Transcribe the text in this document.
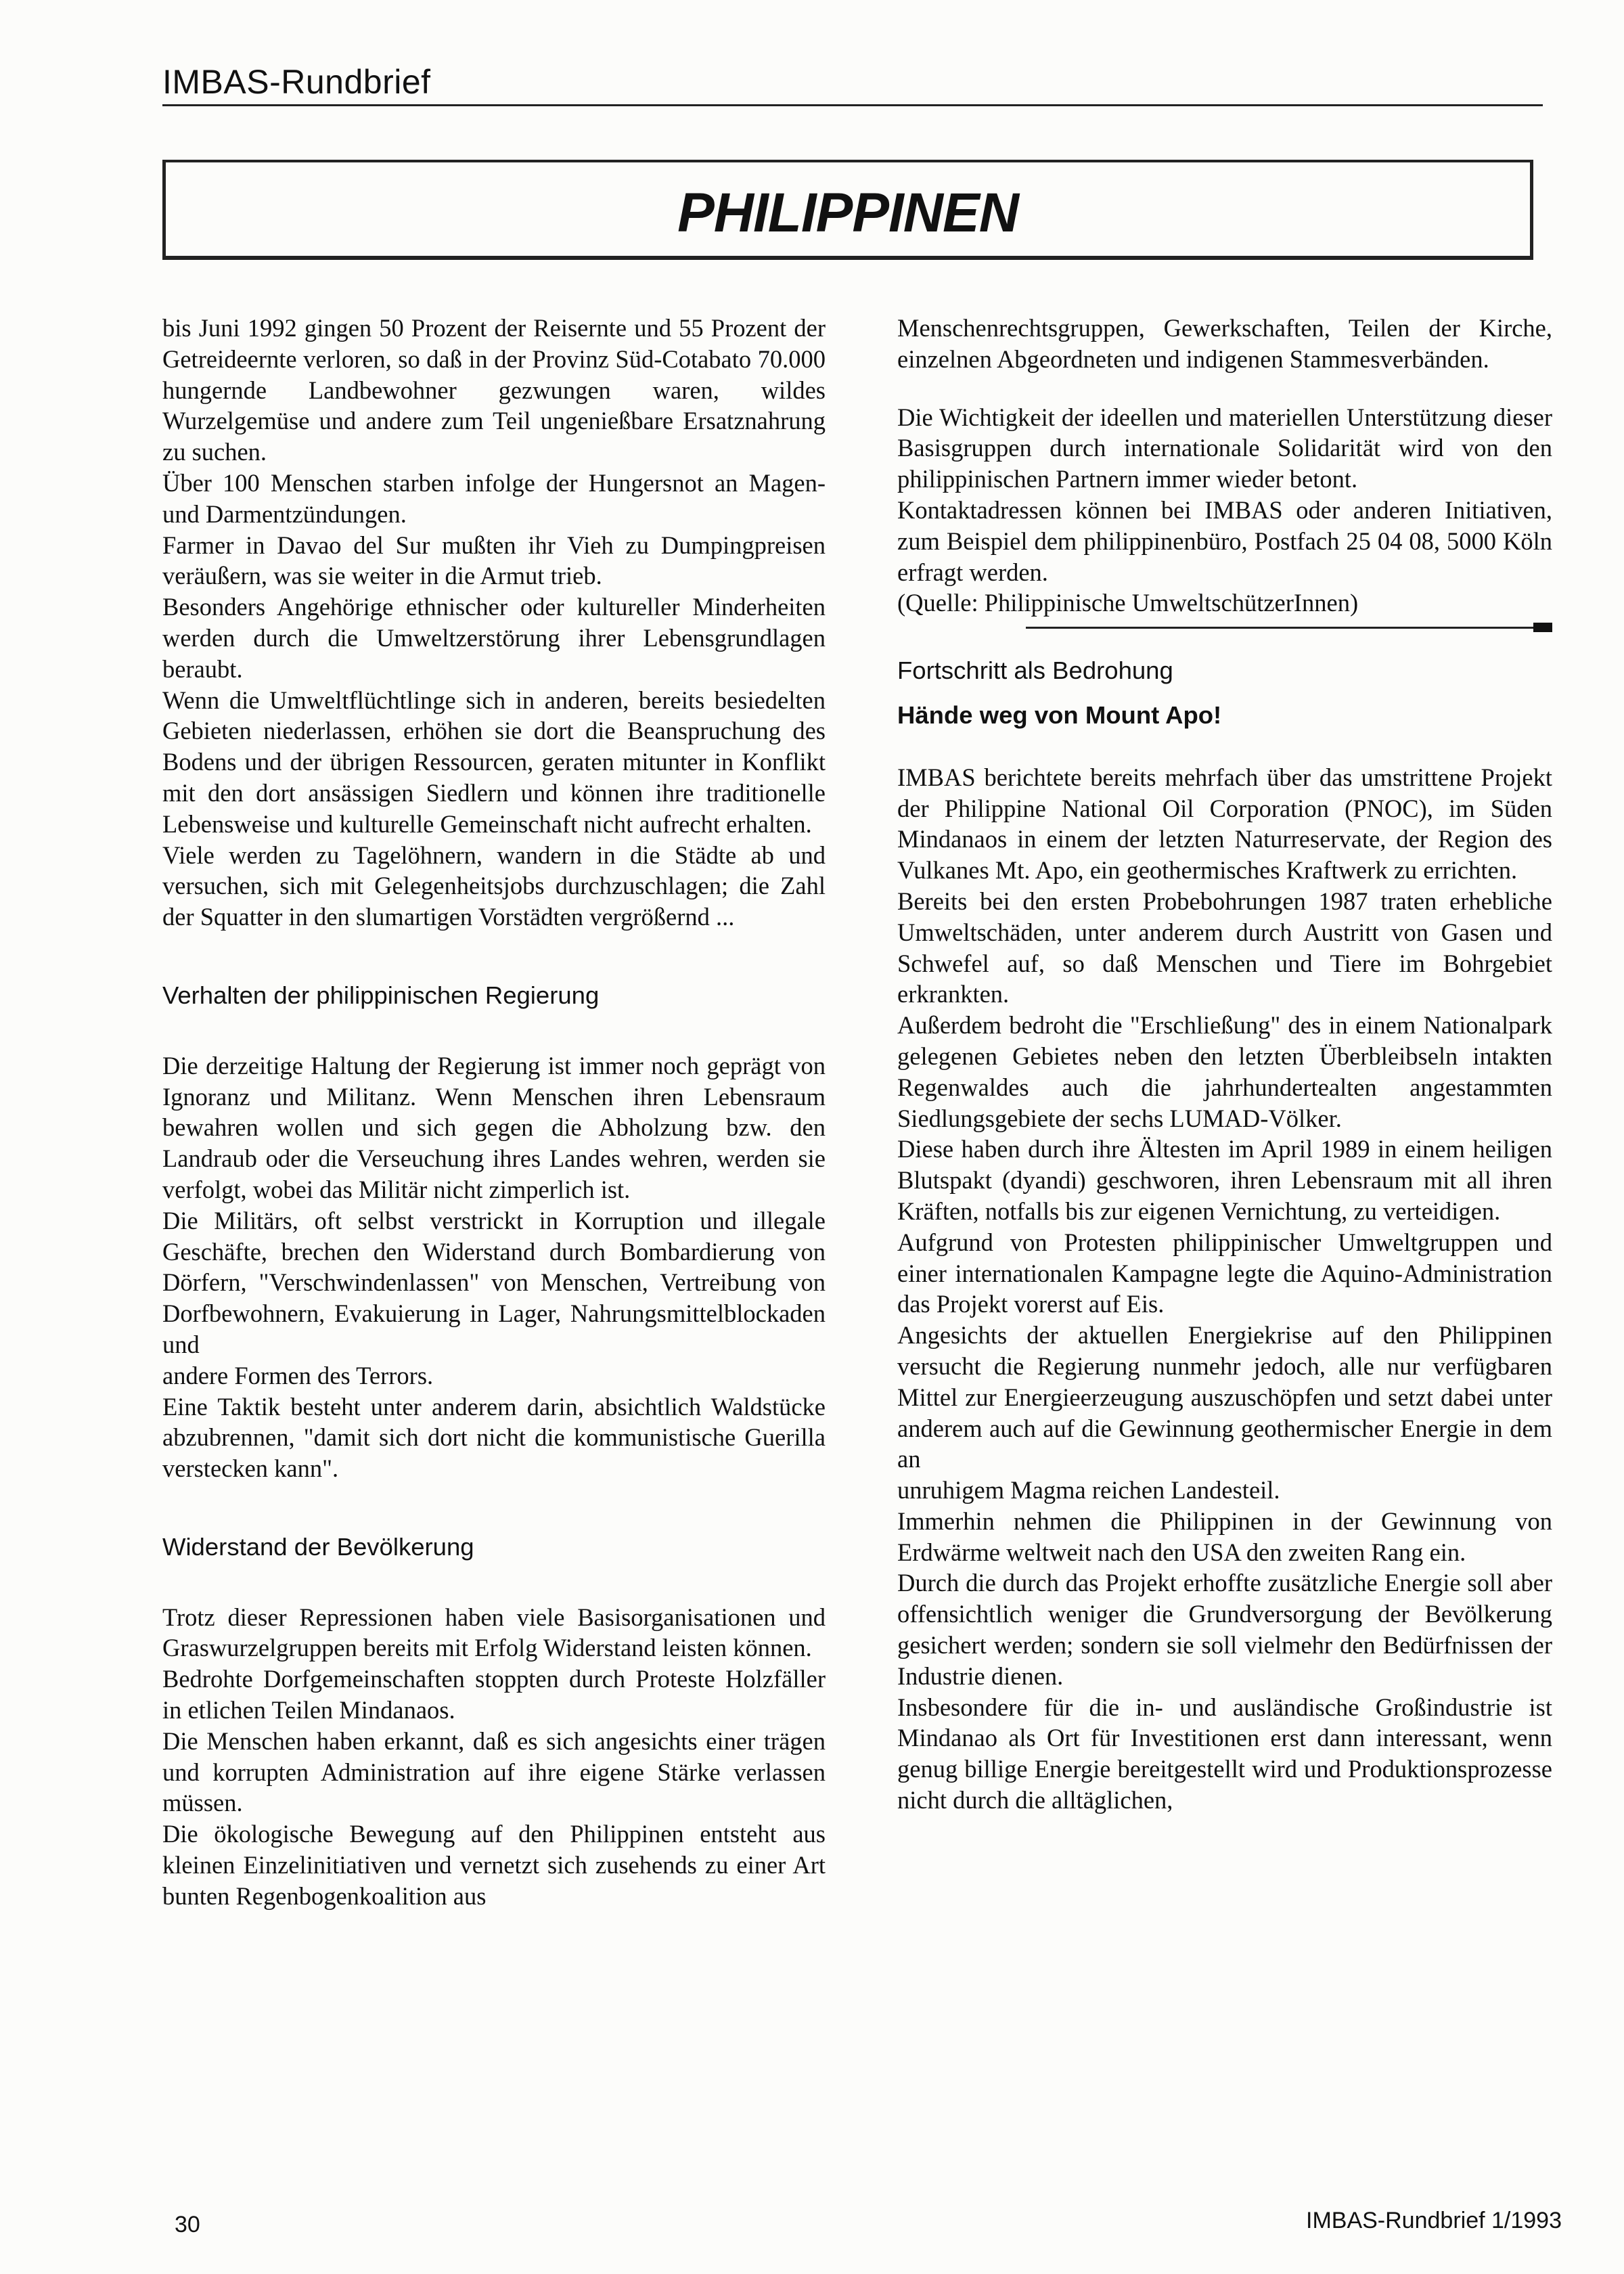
IMBAS-Rundbrief
PHILIPPINEN

bis Juni 1992 gingen 50 Prozent der Reisernte und 55 Prozent der Getreideernte verloren, so daß in der Provinz Süd-Cotabato 70.000 hungernde Landbewohner gezwungen waren, wildes Wurzelgemüse und andere zum Teil ungenießbare Ersatznahrung zu suchen.

Über 100 Menschen starben infolge der Hungersnot an Magen- und Darmentzündungen.

Farmer in Davao del Sur mußten ihr Vieh zu Dumpingpreisen veräußern, was sie weiter in die Armut trieb.

Besonders Angehörige ethnischer oder kultureller Minderheiten werden durch die Umweltzerstörung ihrer Lebensgrundlagen beraubt.

Wenn die Umweltflüchtlinge sich in anderen, bereits besiedelten Gebieten niederlassen, erhöhen sie dort die Beanspruchung des Bodens und der übrigen Ressourcen, geraten mitunter in Konflikt mit den dort ansässigen Siedlern und können ihre traditionelle Lebensweise und kulturelle Gemeinschaft nicht aufrecht erhalten.

Viele werden zu Tagelöhnern, wandern in die Städte ab und versuchen, sich mit Gelegenheitsjobs durchzuschlagen; die Zahl der Squatter in den slumartigen Vorstädten vergrößernd ...

Verhalten der philippinischen Regierung

Die derzeitige Haltung der Regierung ist immer noch geprägt von Ignoranz und Militanz. Wenn Menschen ihren Lebensraum bewahren wollen und sich gegen die Abholzung bzw. den Landraub oder die Verseuchung ihres Landes wehren, werden sie verfolgt, wobei das Militär nicht zimperlich ist.

Die Militärs, oft selbst verstrickt in Korruption und illegale Geschäfte, brechen den Widerstand durch Bombardierung von Dörfern, "Verschwindenlassen" von Menschen, Vertreibung von Dorfbewohnern, Evakuierung in Lager, Nahrungsmittelblockaden und

andere Formen des Terrors.

Eine Taktik besteht unter anderem darin, absichtlich Waldstücke abzubrennen, "damit sich dort nicht die kommunistische Guerilla verstecken kann".

Widerstand der Bevölkerung

Trotz dieser Repressionen haben viele Basisorganisationen und Graswurzelgruppen bereits mit Erfolg Widerstand leisten können.

Bedrohte Dorfgemeinschaften stoppten durch Proteste Holzfäller in etlichen Teilen Mindanaos.

Die Menschen haben erkannt, daß es sich angesichts einer trägen und korrupten Administration auf ihre eigene Stärke verlassen müssen.

Die ökologische Bewegung auf den Philippinen entsteht aus kleinen Einzelinitiativen und vernetzt sich zusehends zu einer Art bunten Regenbogenkoalition aus

Menschenrechtsgruppen, Gewerkschaften, Teilen der Kirche, einzelnen Abgeordneten und indigenen Stammesverbänden.

Die Wichtigkeit der ideellen und materiellen Unterstützung dieser Basisgruppen durch internationale Solidarität wird von den philippinischen Partnern immer wieder betont.

Kontaktadressen können bei IMBAS oder anderen Initiativen, zum Beispiel dem philippinenbüro, Postfach 25 04 08, 5000 Köln erfragt werden.

(Quelle: Philippinische UmweltschützerInnen)

Fortschritt als Bedrohung

Hände weg von Mount Apo!

IMBAS berichtete bereits mehrfach über das umstrittene Projekt der Philippine National Oil Corporation (PNOC), im Süden Mindanaos in einem der letzten Naturreservate, der Region des Vulkanes Mt. Apo, ein geothermisches Kraftwerk zu errichten.

Bereits bei den ersten Probebohrungen 1987 traten erhebliche Umweltschäden, unter anderem durch Austritt von Gasen und Schwefel auf, so daß Menschen und Tiere im Bohrgebiet erkrankten.

Außerdem bedroht die "Erschließung" des in einem Nationalpark gelegenen Gebietes neben den letzten Überbleibseln intakten Regenwaldes auch die jahrhundertealten angestammten Siedlungsgebiete der sechs LUMAD-Völker.

Diese haben durch ihre Ältesten im April 1989 in einem heiligen Blutspakt (dyandi) geschworen, ihren Lebensraum mit all ihren Kräften, notfalls bis zur eigenen Vernichtung, zu verteidigen.

Aufgrund von Protesten philippinischer Umweltgruppen und einer internationalen Kampagne legte die Aquino-Administration das Projekt vorerst auf Eis.

Angesichts der aktuellen Energiekrise auf den Philippinen versucht die Regierung nunmehr jedoch, alle nur verfügbaren Mittel zur Energieerzeugung auszuschöpfen und setzt dabei unter anderem auch auf die Gewinnung geothermischer Energie in dem an

unruhigem Magma reichen Landesteil.

Immerhin nehmen die Philippinen in der Gewinnung von Erdwärme weltweit nach den USA den zweiten Rang ein.

Durch die durch das Projekt erhoffte zusätzliche Energie soll aber offensichtlich weniger die Grundversorgung der Bevölkerung gesichert werden; sondern sie soll vielmehr den Bedürfnissen der Industrie dienen.

Insbesondere für die in- und ausländische Großindustrie ist Mindanao als Ort für Investitionen erst dann interessant, wenn genug billige Energie bereitgestellt wird und Produktionsprozesse nicht durch die alltäglichen,

30	IMBAS-Rundbrief 1/1993
